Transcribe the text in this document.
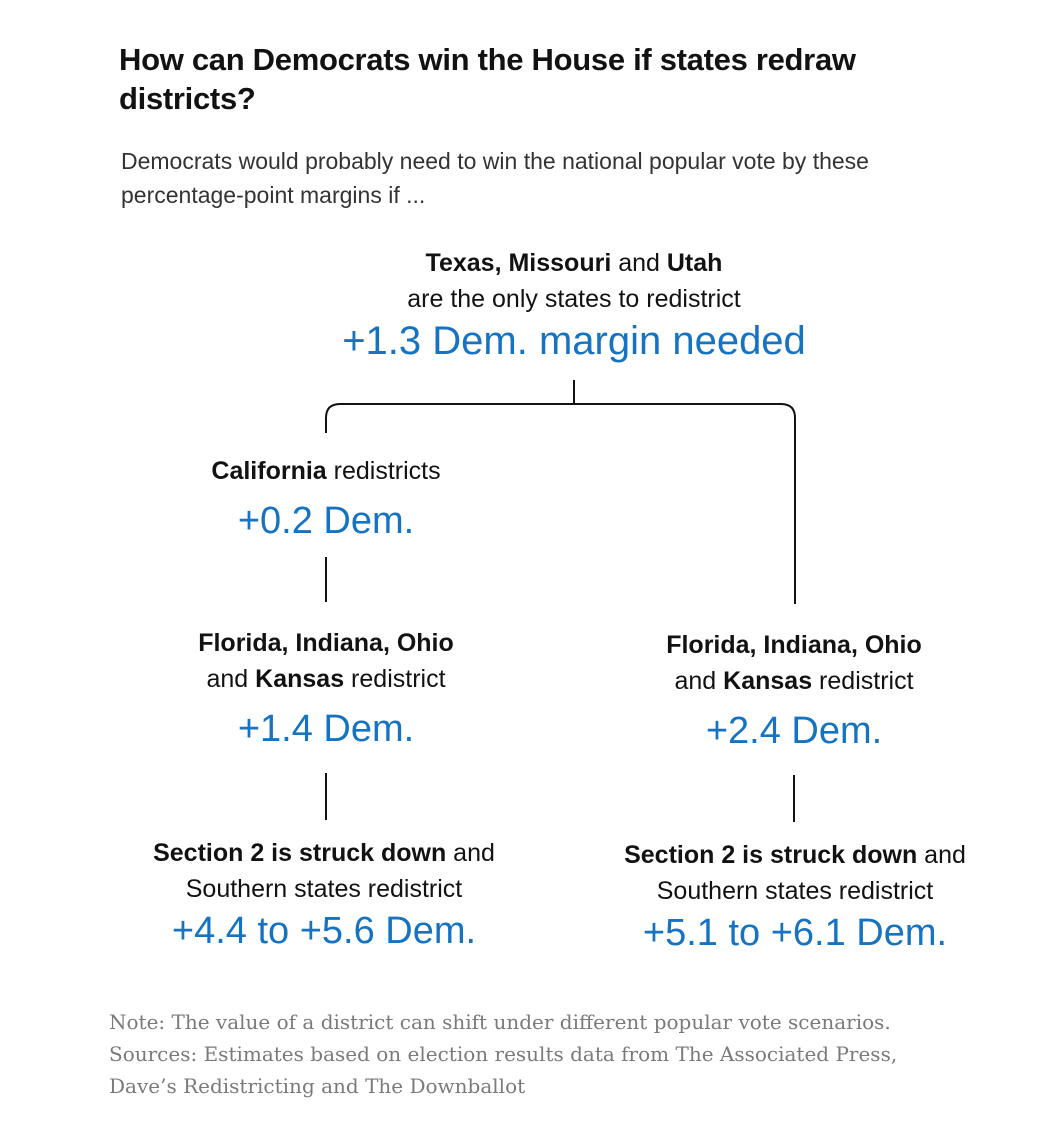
How can Democrats win the House if states redraw districts?
Democrats would probably need to win the national popular vote by these percentage-point margins if ...
Texas, Missouri and Utah
are the only states to redistrict
+1.3 Dem. margin needed
California redistricts
+0.2 Dem.
Florida, Indiana, Ohio
and Kansas redistrict
+1.4 Dem.
Section 2 is struck down and
Southern states redistrict
+4.4 to +5.6 Dem.
Florida, Indiana, Ohio
and Kansas redistrict
+2.4 Dem.
Section 2 is struck down and
Southern states redistrict
+5.1 to +6.1 Dem.
Note: The value of a district can shift under different popular vote scenarios. Sources: Estimates based on election results data from The Associated Press, Dave’s Redistricting and The Downballot
